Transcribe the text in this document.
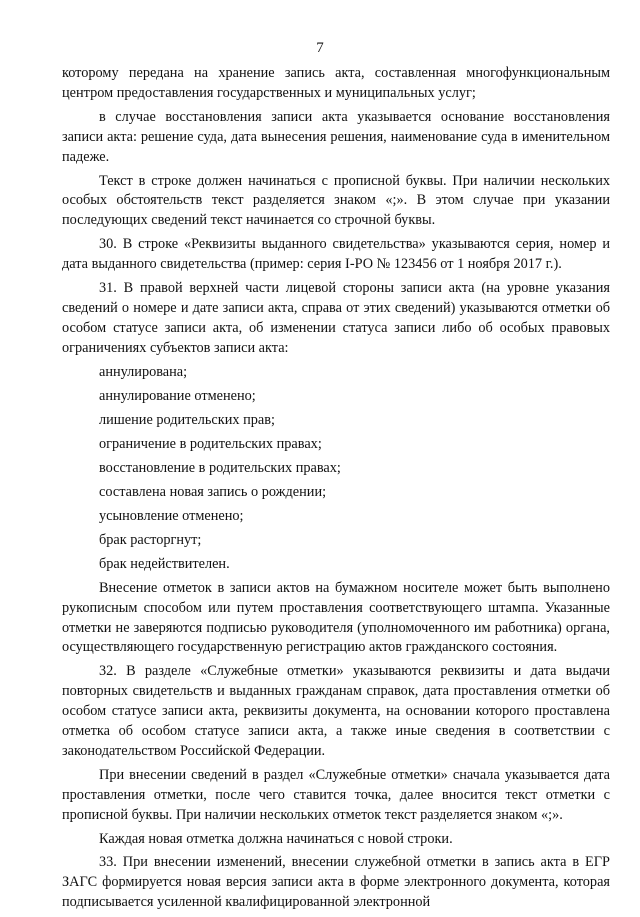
7

которому передана на хранение запись акта, составленная многофункциональным центром предоставления государственных и муниципальных услуг;

в случае восстановления записи акта указывается основание восстановления записи акта: решение суда, дата вынесения решения, наименование суда в именительном падеже.

Текст в строке должен начинаться с прописной буквы. При наличии нескольких особых обстоятельств текст разделяется знаком «;». В этом случае при указании последующих сведений текст начинается со строчной буквы.

30. В строке «Реквизиты выданного свидетельства» указываются серия, номер и дата выданного свидетельства (пример: серия I-РО № 123456 от 1 ноября 2017 г.).

31. В правой верхней части лицевой стороны записи акта (на уровне указания сведений о номере и дате записи акта, справа от этих сведений) указываются отметки об особом статусе записи акта, об изменении статуса записи либо об особых правовых ограничениях субъектов записи акта:

аннулирована;
аннулирование отменено;
лишение родительских прав;
ограничение в родительских правах;
восстановление в родительских правах;
составлена новая запись о рождении;
усыновление отменено;
брак расторгнут;
брак недействителен.

Внесение отметок в записи актов на бумажном носителе может быть выполнено рукописным способом или путем проставления соответствующего штампа. Указанные отметки не заверяются подписью руководителя (уполномоченного им работника) органа, осуществляющего государственную регистрацию актов гражданского состояния.

32. В разделе «Служебные отметки» указываются реквизиты и дата выдачи повторных свидетельств и выданных гражданам справок, дата проставления отметки об особом статусе записи акта, реквизиты документа, на основании которого проставлена отметка об особом статусе записи акта, а также иные сведения в соответствии с законодательством Российской Федерации.

При внесении сведений в раздел «Служебные отметки» сначала указывается дата проставления отметки, после чего ставится точка, далее вносится текст отметки с прописной буквы. При наличии нескольких отметок текст разделяется знаком «;».

Каждая новая отметка должна начинаться с новой строки.

33. При внесении изменений, внесении служебной отметки в запись акта в ЕГР ЗАГС формируется новая версия записи акта в форме электронного документа, которая подписывается усиленной квалифицированной электронной
